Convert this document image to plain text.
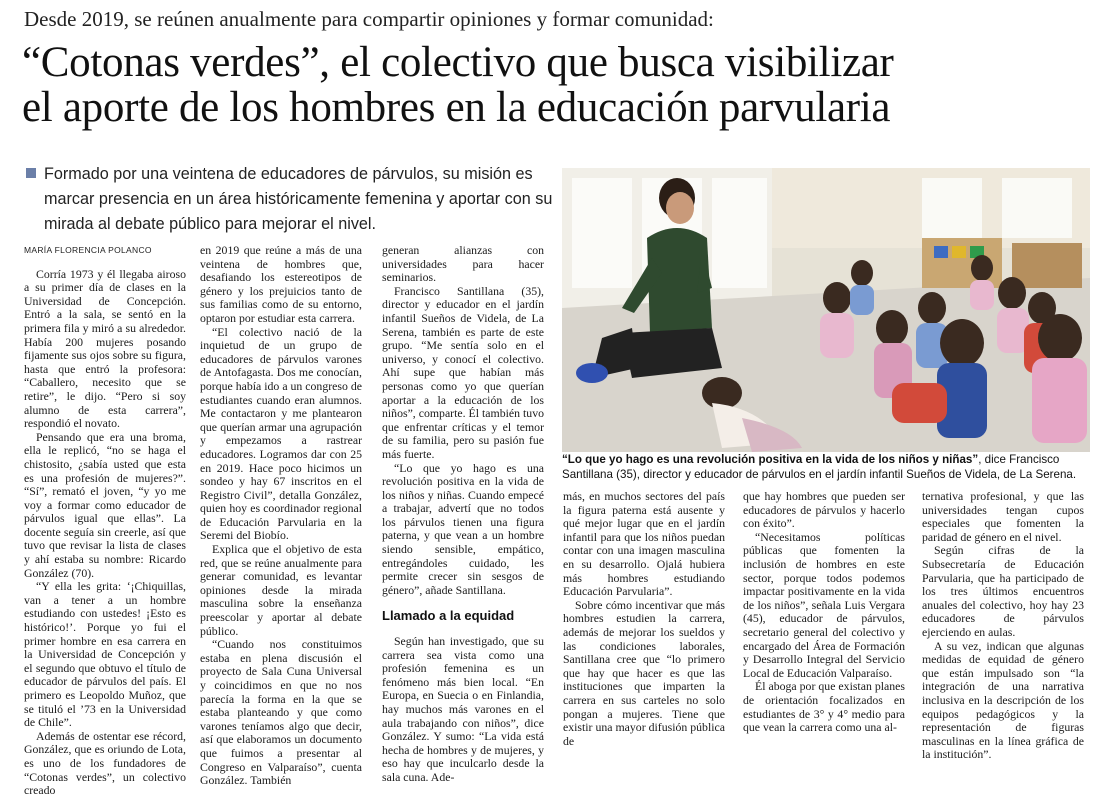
Desde 2019, se reúnen anualmente para compartir opiniones y formar comunidad:
“Cotonas verdes”, el colectivo que busca visibilizar
el aporte de los hombres en la educación parvularia
Formado por una veintena de educadores de párvulos, su misión es marcar presencia en un área históricamente femenina y aportar con su mirada al debate público para mejorar el nivel.
“Lo que yo hago es una revolución positiva en la vida de los niños y niñas”, dice Francisco Santillana (35), director y educador de párvulos en el jardín infantil Sueños de Videla, de La Serena.

MARÍA FLORENCIA POLANCO

Corría 1973 y él llegaba airoso a su primer día de clases en la Universidad de Concepción. Entró a la sala, se sentó en la primera fila y miró a su alrededor. Había 200 mujeres posando fijamente sus ojos sobre su figura, hasta que entró la profesora: “Caballero, necesito que se retire”, le dijo. “Pero si soy alumno de esta carrera”, respondió el novato.

Pensando que era una broma, ella le replicó, “no se haga el chistosito, ¿sabía usted que esta es una profesión de mujeres?”. “Sí”, remató el joven, “y yo me voy a formar como educador de párvulos igual que ellas”. La docente seguía sin creerle, así que tuvo que revisar la lista de clases y ahí estaba su nombre: Ricardo González (70).

“Y ella les grita: ‘¡Chiquillas, van a tener a un hombre estudiando con ustedes! ¡Esto es histórico!’. Porque yo fui el primer hombre en esa carrera en la Universidad de Concepción y el segundo que obtuvo el título de educador de párvulos del país. El primero es Leopoldo Muñoz, que se tituló el ’73 en la Universidad de Chile”.

Además de ostentar ese récord, González, que es oriundo de Lota, es uno de los fundadores de “Cotonas verdes”, un colectivo creado

en 2019 que reúne a más de una veintena de hombres que, desafiando los estereotipos de género y los prejuicios tanto de sus familias como de su entorno, optaron por estudiar esta carrera.

“El colectivo nació de la inquietud de un grupo de educadores de párvulos varones de Antofagasta. Dos me conocían, porque había ido a un congreso de estudiantes cuando eran alumnos. Me contactaron y me plantearon que querían armar una agrupación y empezamos a rastrear educadores. Logramos dar con 25 en 2019. Hace poco hicimos un sondeo y hay 67 inscritos en el Registro Civil”, detalla González, quien hoy es coordinador regional de Educación Parvularia en la Seremi del Biobío.

Explica que el objetivo de esta red, que se reúne anualmente para generar comunidad, es levantar opiniones desde la mirada masculina sobre la enseñanza preescolar y aportar al debate público.

“Cuando nos constituimos estaba en plena discusión el proyecto de Sala Cuna Universal y coincidimos en que no nos parecía la forma en la que se estaba planteando y que como varones teníamos algo que decir, así que elaboramos un documento que fuimos a presentar al Congreso en Valparaíso”, cuenta González. También

generan alianzas con universidades para hacer seminarios.

Francisco Santillana (35), director y educador en el jardín infantil Sueños de Videla, de La Serena, también es parte de este grupo. “Me sentía solo en el universo, y conocí el colectivo. Ahí supe que habían más personas como yo que querían aportar a la educación de los niños”, comparte. Él también tuvo que enfrentar críticas y el temor de su familia, pero su pasión fue más fuerte.

“Lo que yo hago es una revolución positiva en la vida de los niños y niñas. Cuando empecé a trabajar, advertí que no todos los párvulos tienen una figura paterna, y que vean a un hombre siendo sensible, empático, entregándoles cuidado, les permite crecer sin sesgos de género”, añade Santillana.

Llamado a la equidad

Según han investigado, que su carrera sea vista como una profesión femenina es un fenómeno más bien local. “En Europa, en Suecia o en Finlandia, hay muchos más varones en el aula trabajando con niños”, dice González. Y sumo: “La vida está hecha de hombres y de mujeres, y eso hay que inculcarlo desde la sala cuna. Ade-

más, en muchos sectores del país la figura paterna está ausente y qué mejor lugar que en el jardín infantil para que los niños puedan contar con una imagen masculina en su desarrollo. Ojalá hubiera más hombres estudiando Educación Parvularia”.

Sobre cómo incentivar que más hombres estudien la carrera, además de mejorar los sueldos y las condiciones laborales, Santillana cree que “lo primero que hay que hacer es que las instituciones que imparten la carrera en sus carteles no solo pongan a mujeres. Tiene que existir una mayor difusión pública de

que hay hombres que pueden ser educadores de párvulos y hacerlo con éxito”.

“Necesitamos políticas públicas que fomenten la inclusión de hombres en este sector, porque todos podemos impactar positivamente en la vida de los niños”, señala Luis Vergara (45), educador de párvulos, secretario general del colectivo y encargado del Área de Formación y Desarrollo Integral del Servicio Local de Educación Valparaíso.

Él aboga por que existan planes de orientación focalizados en estudiantes de 3° y 4° medio para que vean la carrera como una al-

ternativa profesional, y que las universidades tengan cupos especiales que fomenten la paridad de género en el nivel.

Según cifras de la Subsecretaría de Educación Parvularia, que ha participado de los tres últimos encuentros anuales del colectivo, hoy hay 23 educadores de párvulos ejerciendo en aulas.

A su vez, indican que algunas medidas de equidad de género que están impulsado son “la integración de una narrativa inclusiva en la descripción de los equipos pedagógicos y la representación de figuras masculinas en la línea gráfica de la institución”.
